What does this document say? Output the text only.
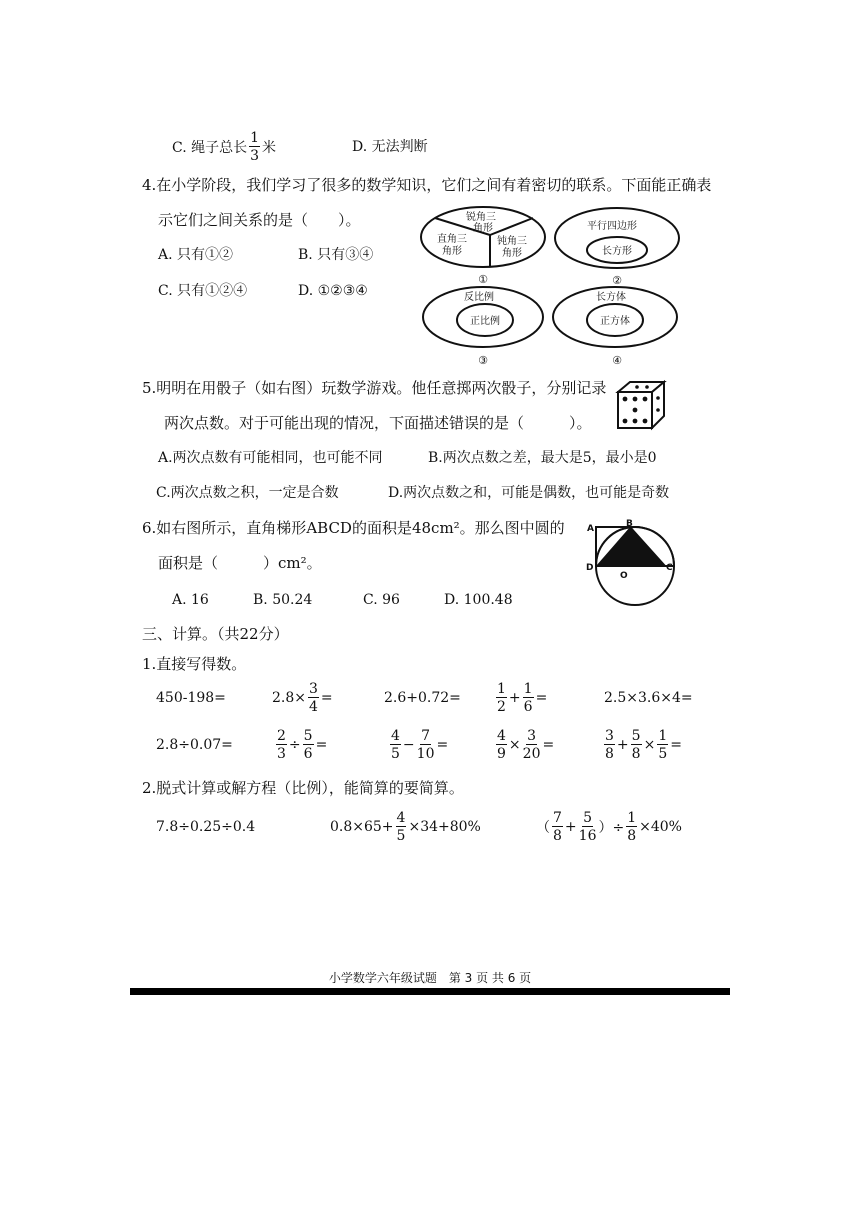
C. 绳子总长 $\frac{1}{3}$ 米	D. 无法判断
4.在小学阶段，我们学习了很多的数学知识，它们之间有着密切的联系。下面能正确表
示它们之间关系的是（　　）。
A. 只有①②	B. 只有③④
C. 只有①②④	D. ①②③④
锐角三
角形
直角三
角形
钝角三
角形
①
平行四边形
长方形
②
反比例
正比例
③
长方体
正方体
④
5.明明在用骰子（如右图）玩数学游戏。他任意掷两次骰子，分别记录
两次点数。对于可能出现的情况，下面描述错误的是（　　　）。
A.两次点数有可能相同，也可能不同	B.两次点数之差，最大是5，最小是0
C.两次点数之积，一定是合数	D.两次点数之和，可能是偶数，也可能是奇数
6.如右图所示，直角梯形ABCD的面积是48cm²。那么图中圆的
面积是（　　　）cm²。
A	B
C
D
O
A. 16	B. 50.24	C. 96	D. 100.48
三、计算。（共22分）
1.直接写得数。
450-198=	$2.8\times \frac{3}{4}$ =	2.6+0.72=	$\frac{1}{2} + \frac{1}{6}$ =	2.5×3.6×4=
2.8÷0.07=	$\frac{2}{3} \div \frac{5}{6}$ =	$\frac{4}{5} - \frac{7}{10}$ =	$\frac{4}{9} \times \frac{3}{20}$ =	$\frac{3}{8} + \frac{5}{8} \times \frac{1}{5}$ =
2.脱式计算或解方程（比例），能简算的要简算。
7.8÷0.25÷0.4	$0.8\times 65+ \frac{4}{5} \times 34+80\%$	（ $\frac{7}{8} + \frac{5}{16}$ ）÷ $\frac{1}{8} \times 40\%$
小学数学六年级试题　第 3 页 共 6 页
